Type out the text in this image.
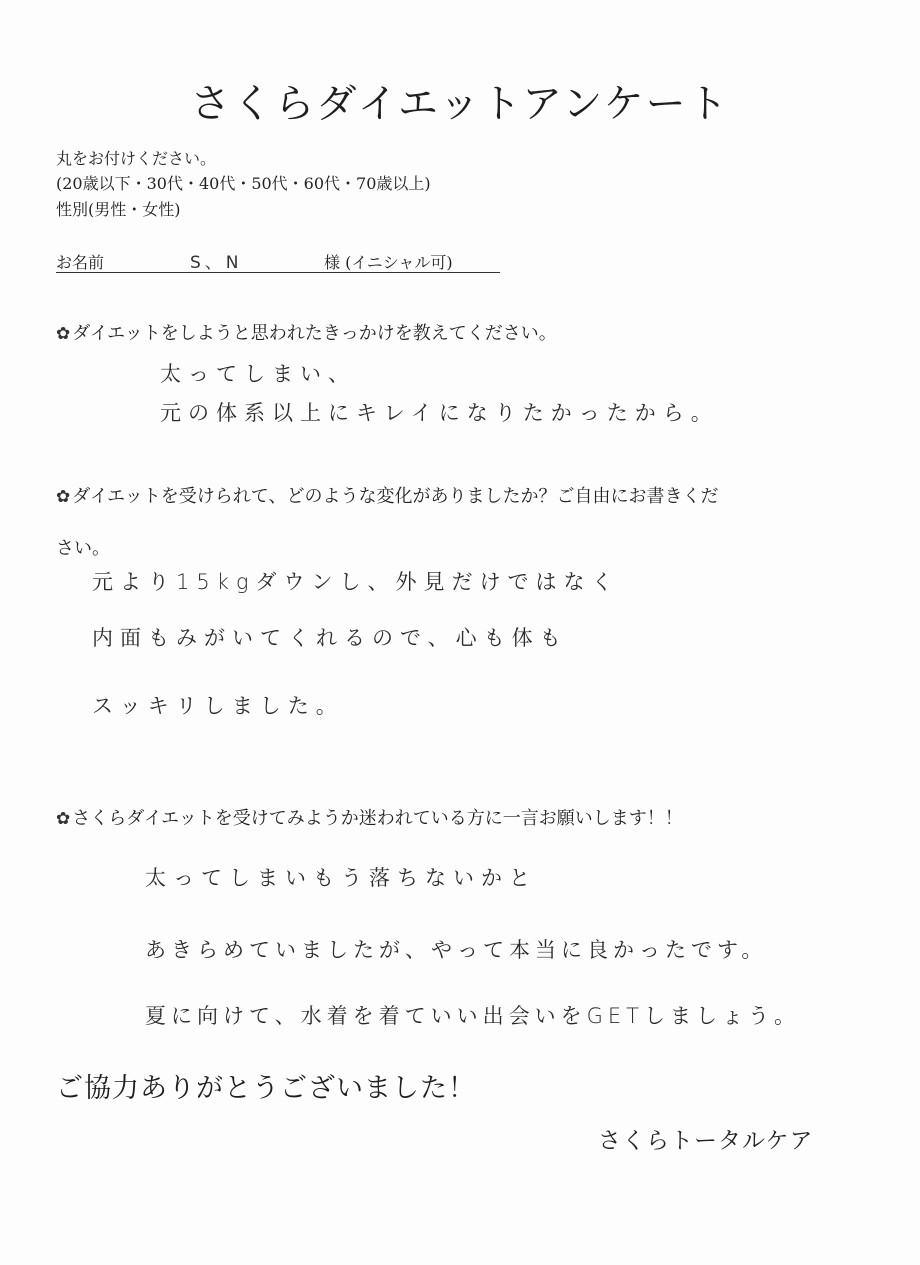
さくらダイエットアンケート
丸をお付けください。
(20歳以下・30代・40代・50代・60代・70歳以上)
性別(男性・女性)
お名前	S、N	様 (イニシャル可)
✿ ダイエットをしようと思われたきっかけを教えてください。
太ってしまい、
元の体系以上にキレイになりたかったから。
✿ ダイエットを受けられて、どのような変化がありましたか？ご自由にお書きくだ
さい。
元より15kgダウンし、外見だけではなく
内面もみがいてくれるので、心も体も
スッキリしました。
✿ さくらダイエットを受けてみようか迷われている方に一言お願いします！！
太ってしまいもう落ちないかと
あきらめていましたが、やって本当に良かったです。
夏に向けて、水着を着ていい出会いをGETしましょう。
ご協力ありがとうございました！
さくらトータルケア
